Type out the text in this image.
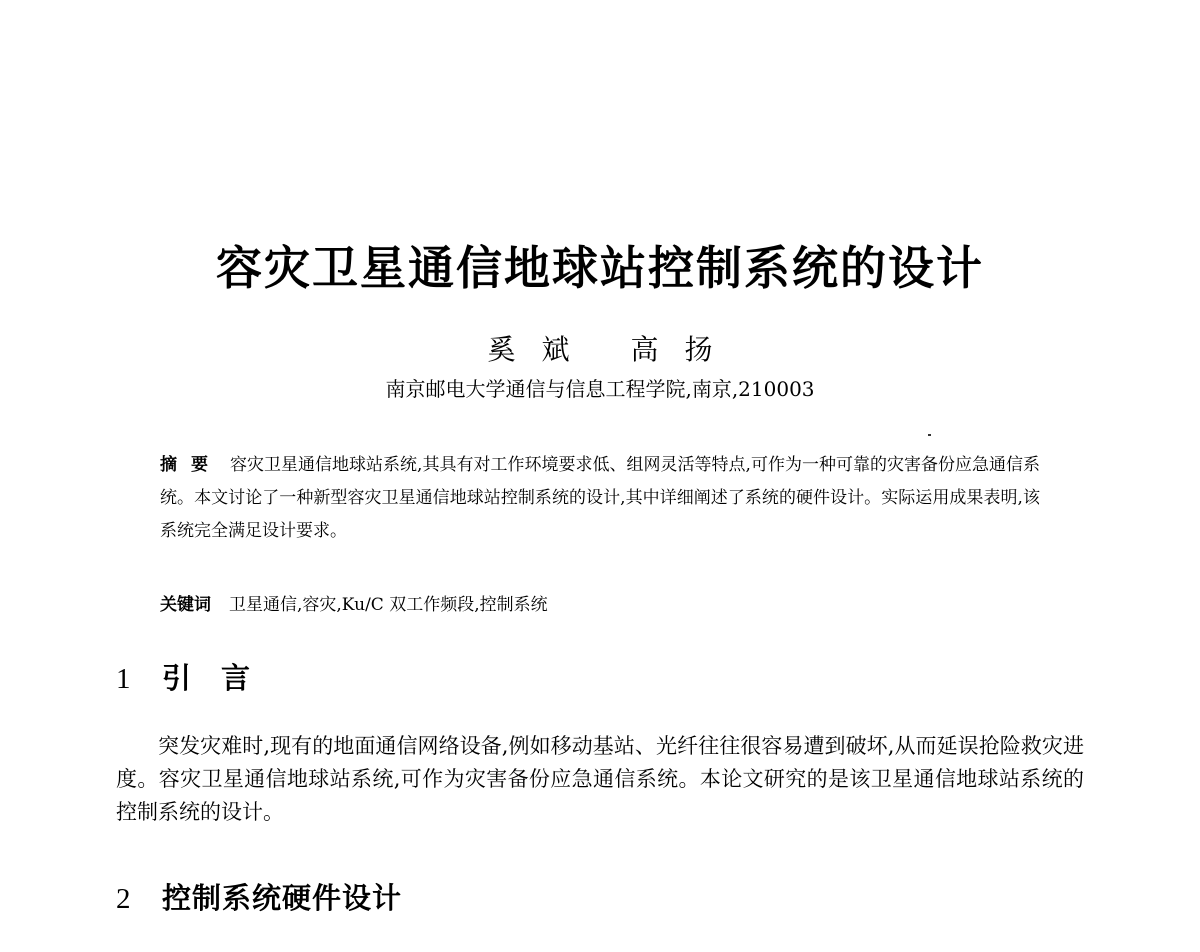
容灾卫星通信地球站控制系统的设计
奚斌 高扬
南京邮电大学通信与信息工程学院,南京,210003
摘要 容灾卫星通信地球站系统,其具有对工作环境要求低、组网灵活等特点,可作为一种可靠的灾害备份应急通信系统。本文讨论了一种新型容灾卫星通信地球站控制系统的设计,其中详细阐述了系统的硬件设计。实际运用成果表明,该系统完全满足设计要求。
关键词 卫星通信,容灾,Ku/C 双工作频段,控制系统
1 引言
突发灾难时,现有的地面通信网络设备,例如移动基站、光纤往往很容易遭到破坏,从而延误抢险救灾进度。容灾卫星通信地球站系统,可作为灾害备份应急通信系统。本论文研究的是该卫星通信地球站系统的控制系统的设计。
2 控制系统硬件设计
